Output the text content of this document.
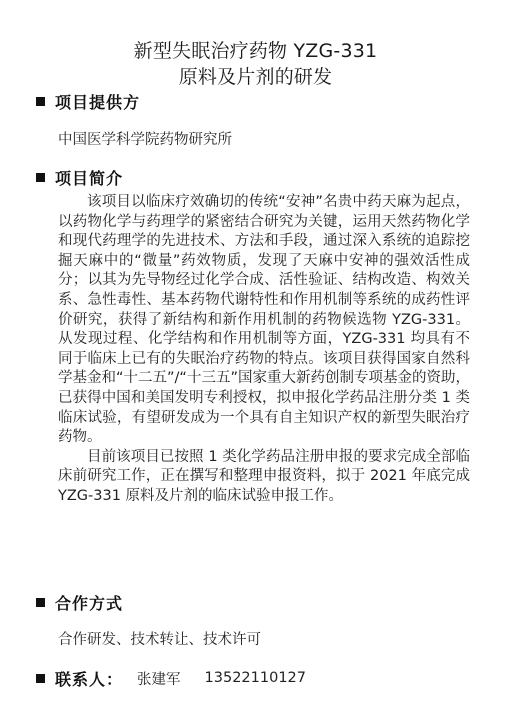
新型失眠治疗药物 YZG-331
原料及片剂的研发
项目提供方
中国医学科学院药物研究所
项目简介

该项目以临床疗效确切的传统“安神”名贵中药天麻为起点，以药物化学与药理学的紧密结合研究为关键，运用天然药物化学和现代药理学的先进技术、方法和手段，通过深入系统的追踪挖掘天麻中的“微量”药效物质，发现了天麻中安神的强效活性成分；以其为先导物经过化学合成、活性验证、结构改造、构效关系、急性毒性、基本药物代谢特性和作用机制等系统的成药性评价研究，获得了新结构和新作用机制的药物候选物 YZG-331。从发现过程、化学结构和作用机制等方面，YZG-331 均具有不同于临床上已有的失眠治疗药物的特点。该项目获得国家自然科学基金和“十二五”/“十三五”国家重大新药创制专项基金的资助，已获得中国和美国发明专利授权，拟申报化学药品注册分类 1 类临床试验，有望研发成为一个具有自主知识产权的新型失眠治疗药物。

目前该项目已按照 1 类化学药品注册申报的要求完成全部临床前研究工作，正在撰写和整理申报资料，拟于 2021 年底完成 YZG-331 原料及片剂的临床试验申报工作。

合作方式
合作研发、技术转让、技术许可
联系人： 张建军 13522110127
